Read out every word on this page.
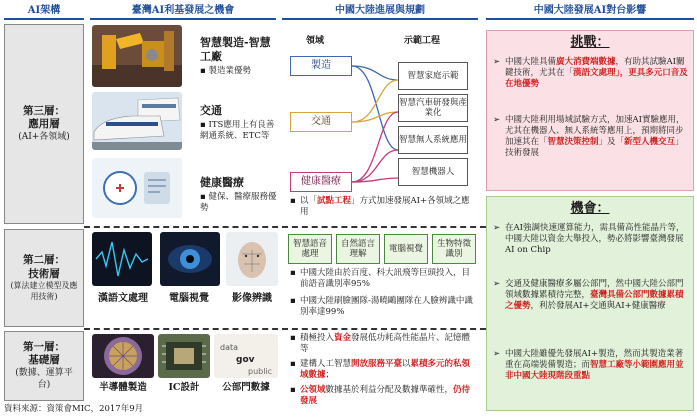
AI架構	臺灣AI利基發展之機會	中國大陸進展與規劃	中國大陸發展AI對台影響
第三層：
應用層
(AI+各領域)
第二層：
技術層
(算法建立模型及應用技術)
第一層：
基礎層
(數據、運算平台)
智慧製造-智慧工廠
▪ 製造業優勢
交通
▪ ITS應用上有良善網通系統、ETC等
健康醫療
▪ 健保、醫療服務優勢
漢語文處理	電腦視覺	影像辨識
data
gov
public
半導體製造	IC設計	公部門數據
領域	示範工程
製造
交通
健康醫療
智慧家庭示範
智慧汽車研發與產業化
智慧無人系統應用
智慧機器人
▪ 以「試點工程」方式加速發展AI+各領域之應用
智慧語音處理
自然語言理解
電腦視覺
生物特徵識別
▪ 中國大陸由於百度、科大訊飛等巨頭投入，目前語音識別率95%
▪ 中國大陸刷臉團隊-湯曉鷗團隊在人臉辨識中識別率達99%
▪ 積極投入資金發展低功耗高性能晶片、記憶體等
▪ 建構人工智慧開放服務平臺以累積多元的私領域數據；
▪ 公領域數據基於利益分配及數據準確性，仍待發展
挑戰：
➢ 中國大陸具備廣大消費端數據，有助其試驗AI關鍵技術，尤其在「漢語文處理」，更具多元口音及在地優勢
➢ 中國大陸利用場域試驗方式，加速AI實驗應用，尤其在機器人、無人系統等應用上，預期將同步加速其在「智慧決策控制」及「新型人機交互」技術發展
機會：
➢ 在AI強調快速運算能力，需具備高性能晶片等，中國大陸以資金大舉投入，勢必將影響臺灣發展AI on Chip
➢ 交通及健康醫療多屬公部門，然中國大陸公部門領域數據累積待完整，臺灣具備公部門數據累積之優勢，利於發展AI+交通與AI+健康醫療
➢ 中國大陸雖優先發展AI+製造，然而其製造業著重在高端裝備製造；而智慧工廠等小範圍應用並非中國大陸現階段重點
資料來源：資策會MIC，2017年9月
